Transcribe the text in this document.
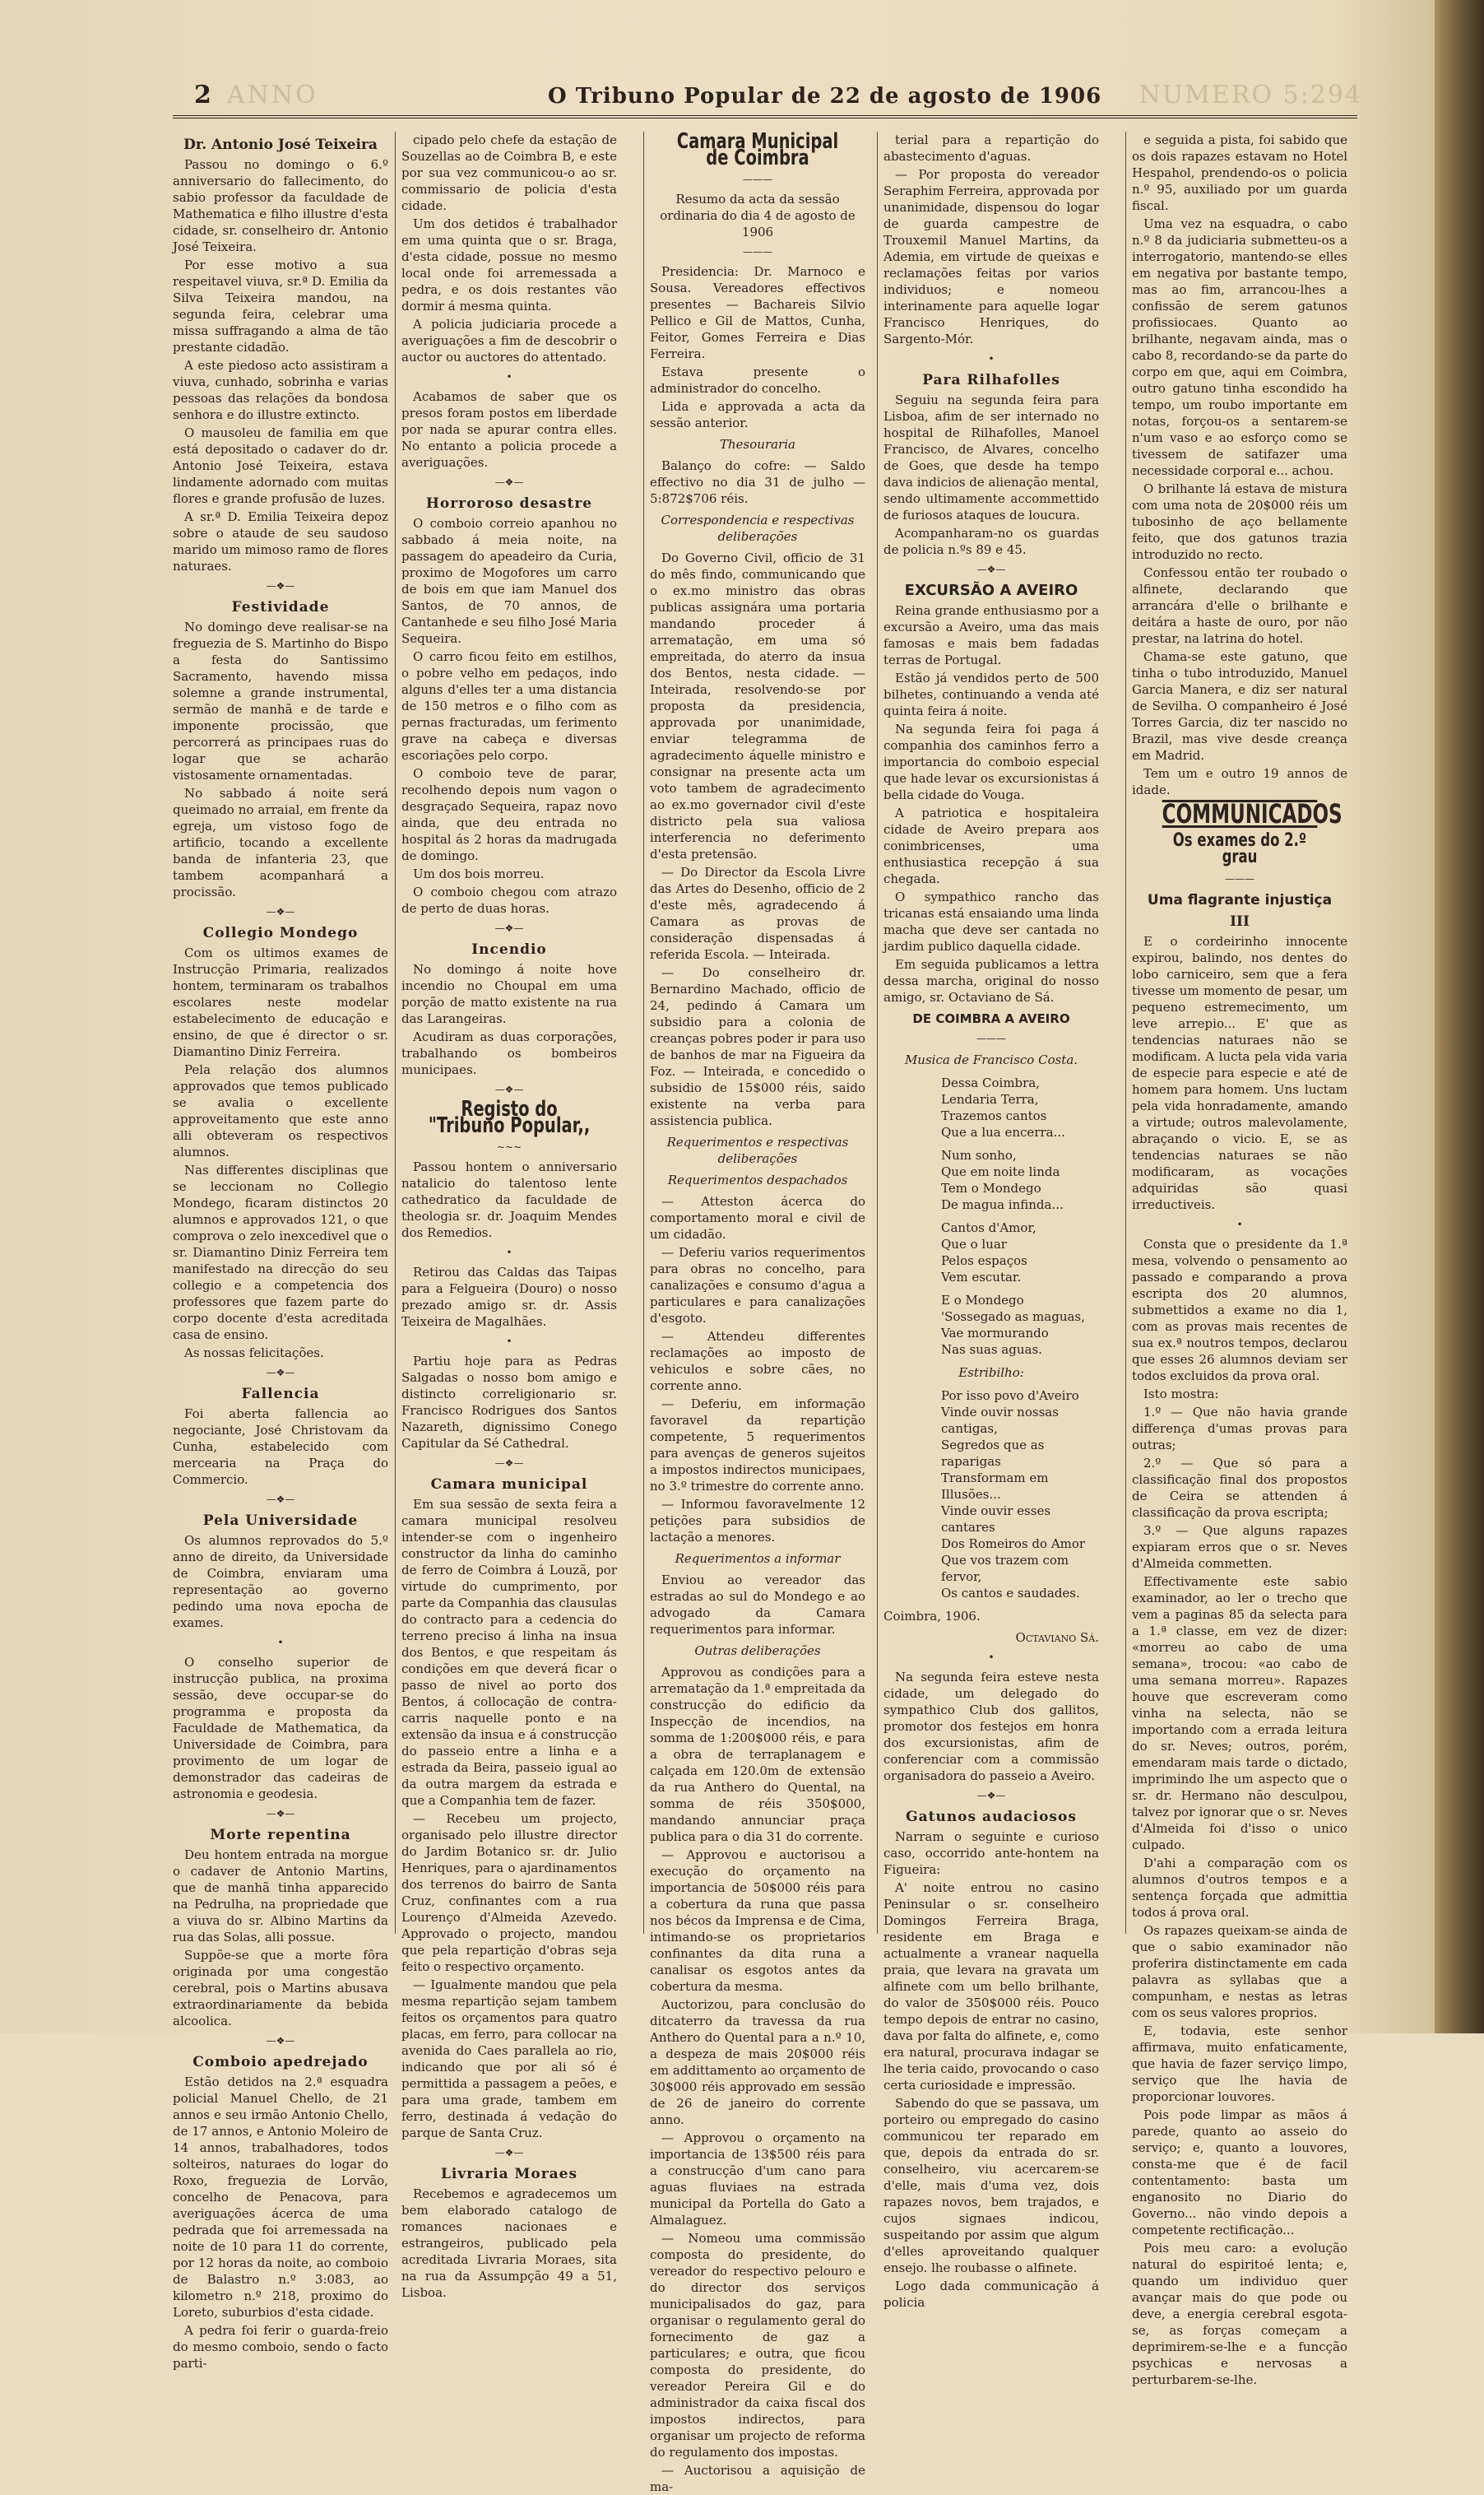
ANNO
2	O Tribuno Popular de 22 de agosto de 1906 NUMERO 5:294
Dr. Antonio José Teixeira

Passou no domingo o 6.º anniversario do fallecimento, do sabio professor da faculdade de Mathematica e filho illustre d'esta cidade, sr. conselheiro dr. Antonio José Teixeira.

Por esse motivo a sua respeitavel viuva, sr.ª D. Emilia da Silva Teixeira mandou, na segunda feira, celebrar uma missa suffragando a alma de tão prestante cidadão.

A este piedoso acto assistiram a viuva, cunhado, sobrinha e varias pessoas das relações da bondosa senhora e do illustre extincto.

O mausoleu de familia em que está depositado o cadaver do dr. Antonio José Teixeira, estava lindamente adornado com muitas flores e grande profusão de luzes.

A sr.ª D. Emilia Teixeira depoz sobre o ataude de seu saudoso marido um mimoso ramo de flores naturaes.

—❖—
Festividade

No domingo deve realisar-se na freguezia de S. Martinho do Bispo a festa do Santissimo Sacramento, havendo missa solemne a grande instrumental, sermão de manhã e de tarde e imponente procissão, que percorrerá as principaes ruas do logar que se acharão vistosamente ornamentadas.

No sabbado á noite será queimado no arraial, em frente da egreja, um vistoso fogo de artificio, tocando a excellente banda de infanteria 23, que tambem acompanhará a procissão.

—❖—
Collegio Mondego

Com os ultimos exames de Instrucção Primaria, realizados hontem, terminaram os trabalhos escolares neste modelar estabelecimento de educação e ensino, de que é director o sr. Diamantino Diniz Ferreira.

Pela relação dos alumnos approvados que temos publicado se avalia o excellente approveitamento que este anno alli obteveram os respectivos alumnos.

Nas differentes disciplinas que se leccionam no Collegio Mondego, ficaram distinctos 20 alumnos e approvados 121, o que comprova o zelo inexcedivel que o sr. Diamantino Diniz Ferreira tem manifestado na direcção do seu collegio e a competencia dos professores que fazem parte do corpo docente d'esta acreditada casa de ensino.

As nossas felicitações.

—❖—
Fallencia

Foi aberta fallencia ao negociante, José Christovam da Cunha, estabelecido com mercearia na Praça do Commercio.

—❖—
Pela Universidade

Os alumnos reprovados do 5.º anno de direito, da Universidade de Coimbra, enviaram uma representação ao governo pedindo uma nova epocha de exames.

•

O conselho superior de instrucção publica, na proxima sessão, deve occupar-se do programma e proposta da Faculdade de Mathematica, da Universidade de Coimbra, para provimento de um logar de demonstrador das cadeiras de astronomia e geodesia.

—❖—
Morte repentina

Deu hontem entrada na morgue o cadaver de Antonio Martins, que de manhã tinha apparecido na Pedrulha, na propriedade que a viuva do sr. Albino Martins da rua das Solas, alli possue.

Suppõe-se que a morte fôra originada por uma congestão cerebral, pois o Martins abusava extraordinariamente da bebida alcoolica.

—❖—
Comboio apedrejado

Estão detidos na 2.ª esquadra policial Manuel Chello, de 21 annos e seu irmão Antonio Chello, de 17 annos, e Antonio Moleiro de 14 annos, trabalhadores, todos solteiros, naturaes do logar do Roxo, freguezia de Lorvão, concelho de Penacova, para averiguações ácerca de uma pedrada que foi arremessada na noite de 10 para 11 do corrente, por 12 horas da noite, ao comboio de Balastro n.º 3:083, ao kilometro n.º 218, proximo do Loreto, suburbios d'esta cidade.

A pedra foi ferir o guarda-freio do mesmo comboio, sendo o facto parti-

cipado pelo chefe da estação de Souzellas ao de Coimbra B, e este por sua vez communicou-o ao sr. commissario de policia d'esta cidade.

Um dos detidos é trabalhador em uma quinta que o sr. Braga, d'esta cidade, possue no mesmo local onde foi arremessada a pedra, e os dois restantes vão dormir á mesma quinta.

A policia judiciaria procede a averiguações a fim de descobrir o auctor ou auctores do attentado.

•

Acabamos de saber que os presos foram postos em liberdade por nada se apurar contra elles. No entanto a policia procede a averiguações.

—❖—
Horroroso desastre

O comboio correio apanhou no sabbado á meia noite, na passagem do apeadeiro da Curia, proximo de Mogofores um carro de bois em que iam Manuel dos Santos, de 70 annos, de Cantanhede e seu filho José Maria Sequeira.

O carro ficou feito em estilhos, o pobre velho em pedaços, indo alguns d'elles ter a uma distancia de 150 metros e o filho com as pernas fracturadas, um ferimento grave na cabeça e diversas escoriações pelo corpo.

O comboio teve de parar, recolhendo depois num vagon o desgraçado Sequeira, rapaz novo ainda, que deu entrada no hospital ás 2 horas da madrugada de domingo.

Um dos bois morreu.

O comboio chegou com atrazo de perto de duas horas.

—❖—
Incendio

No domingo á noite hove incendio no Choupal em uma porção de matto existente na rua das Larangeiras.

Acudiram as duas corporações, trabalhando os bombeiros municipaes.

—❖—
Registo do "Tribuno Popular,,
~~~

Passou hontem o anniversario natalicio do talentoso lente cathedratico da faculdade de theologia sr. dr. Joaquim Mendes dos Remedios.

•

Retirou das Caldas das Taipas para a Felgueira (Douro) o nosso prezado amigo sr. dr. Assis Teixeira de Magalhães.

•

Partiu hoje para as Pedras Salgadas o nosso bom amigo e distincto correligionario sr. Francisco Rodrigues dos Santos Nazareth, dignissimo Conego Capitular da Sé Cathedral.

—❖—
Camara municipal

Em sua sessão de sexta feira a camara municipal resolveu intender-se com o ingenheiro constructor da linha do caminho de ferro de Coimbra á Louzã, por virtude do cumprimento, por parte da Companhia das clausulas do contracto para a cedencia do terreno preciso á linha na insua dos Bentos, e que respeitam ás condições em que deverá ficar o passo de nivel ao porto dos Bentos, á collocação de contra-carris naquelle ponto e na extensão da insua e á construcção do passeio entre a linha e a estrada da Beira, passeio igual ao da outra margem da estrada e que a Companhia tem de fazer.

— Recebeu um projecto, organisado pelo illustre director do Jardim Botanico sr. dr. Julio Henriques, para o ajardinamentos dos terrenos do bairro de Santa Cruz, confinantes com a rua Lourenço d'Almeida Azevedo. Approvado o projecto, mandou que pela repartição d'obras seja feito o respectivo orçamento.

— Igualmente mandou que pela mesma repartição sejam tambem feitos os orçamentos para quatro placas, em ferro, para collocar na avenida do Caes parallela ao rio, indicando que por ali só é permittida a passagem a peões, e para uma grade, tambem em ferro, destinada á vedação do parque de Santa Cruz.

—❖—
Livraria Moraes

Recebemos e agradecemos um bem elaborado catalogo de romances nacionaes e estrangeiros, publicado pela acreditada Livraria Moraes, sita na rua da Assumpção 49 a 51, Lisboa.

Camara Municipal de Coimbra
———

Resumo da acta da sessão ordinaria do dia 4 de agosto de 1906

———

Presidencia: Dr. Marnoco e Sousa. Vereadores effectivos presentes — Bachareis Silvio Pellico e Gil de Mattos, Cunha, Feitor, Gomes Ferreira e Dias Ferreira.

Estava presente o administrador do concelho.

Lida e approvada a acta da sessão anterior.

Thesouraria

Balanço do cofre: — Saldo effectivo no dia 31 de julho — 5:872$706 réis.

Correspondencia e respectivas deliberações

Do Governo Civil, officio de 31 do mês findo, communicando que o ex.mo ministro das obras publicas assignára uma portaria mandando proceder á arrematação, em uma só empreitada, do aterro da insua dos Bentos, nesta cidade. — Inteirada, resolvendo-se por proposta da presidencia, approvada por unanimidade, enviar telegramma de agradecimento áquelle ministro e consignar na presente acta um voto tambem de agradecimento ao ex.mo governador civil d'este districto pela sua valiosa interferencia no deferimento d'esta pretensão.

— Do Director da Escola Livre das Artes do Desenho, officio de 2 d'este mês, agradecendo á Camara as provas de consideração dispensadas á referida Escola. — Inteirada.

— Do conselheiro dr. Bernardino Machado, officio de 24, pedindo á Camara um subsidio para a colonia de creanças pobres poder ir para uso de banhos de mar na Figueira da Foz. — Inteirada, e concedido o subsidio de 15$000 réis, saido existente na verba para assistencia publica.

Requerimentos e respectivas deliberações
Requerimentos despachados

— Atteston ácerca do comportamento moral e civil de um cidadão.

— Deferiu varios requerimentos para obras no concelho, para canalizações e consumo d'agua a particulares e para canalizações d'esgoto.

— Attendeu differentes reclamações ao imposto de vehiculos e sobre cães, no corrente anno.

— Deferiu, em informação favoravel da repartição competente, 5 requerimentos para avenças de generos sujeitos a impostos indirectos municipaes, no 3.º trimestre do corrente anno.

— Informou favoravelmente 12 petições para subsidios de lactação a menores.

Requerimentos a informar

Enviou ao vereador das estradas ao sul do Mondego e ao advogado da Camara requerimentos para informar.

Outras deliberações

Approvou as condições para a arrematação da 1.ª empreitada da construcção do edificio da Inspecção de incendios, na somma de 1:200$000 réis, e para a obra de terraplanagem e calçada em 120.0m de extensão da rua Anthero do Quental, na somma de réis 350$000, mandando annunciar praça publica para o dia 31 do corrente.

— Approvou e auctorisou a execução do orçamento na importancia de 50$000 réis para a cobertura da runa que passa nos bécos da Imprensa e de Cima, intimando-se os proprietarios confinantes da dita runa a canalisar os esgotos antes da cobertura da mesma.

Auctorizou, para conclusão do ditcaterro da travessa da rua Anthero do Quental para a n.º 10, a despeza de mais 20$000 réis em addittamento ao orçamento de 30$000 réis approvado em sessão de 26 de janeiro do corrente anno.

— Approvou o orçamento na importancia de 13$500 réis para a construcção d'um cano para aguas fluviaes na estrada municipal da Portella do Gato a Almalaguez.

— Nomeou uma commissão composta do presidente, do vereador do respectivo pelouro e do director dos serviços municipalisados do gaz, para organisar o regulamento geral do fornecimento de gaz a particulares; e outra, que ficou composta do presidente, do vereador Pereira Gil e do administrador da caixa fiscal dos impostos indirectos, para organisar um projecto de reforma do regulamento dos impostas.

— Auctorisou a aquisição de ma-

terial para a repartição do abastecimento d'aguas.

— Por proposta do vereador Seraphim Ferreira, approvada por unanimidade, dispensou do logar de guarda campestre de Trouxemil Manuel Martins, da Ademia, em virtude de queixas e reclamações feitas por varios individuos; e nomeou interinamente para aquelle logar Francisco Henriques, do Sargento-Mór.

•
Para Rilhafolles

Seguiu na segunda feira para Lisboa, afim de ser internado no hospital de Rilhafolles, Manoel Francisco, de Alvares, concelho de Goes, que desde ha tempo dava indicios de alienação mental, sendo ultimamente accommettido de furiosos ataques de loucura.

Acompanharam-no os guardas de policia n.ºs 89 e 45.

—❖—
EXCURSÃO A AVEIRO

Reina grande enthusiasmo por a excursão a Aveiro, uma das mais famosas e mais bem fadadas terras de Portugal.

Estão já vendidos perto de 500 bilhetes, continuando a venda até quinta feira á noite.

Na segunda feira foi paga á companhia dos caminhos ferro a importancia do comboio especial que hade levar os excursionistas á bella cidade do Vouga.

A patriotica e hospitaleira cidade de Aveiro prepara aos conimbricenses, uma enthusiastica recepção á sua chegada.

O sympathico rancho das tricanas está ensaiando uma linda macha que deve ser cantada no jardim publico daquella cidade.

Em seguida publicamos a lettra dessa marcha, original do nosso amigo, sr. Octaviano de Sá.

DE COIMBRA A AVEIRO
———
Musica de Francisco Costa.

Dessa Coimbra,

Lendaria Terra,

Trazemos cantos

Que a lua encerra...

Num sonho,

Que em noite linda

Tem o Mondego

De magua infinda...

Cantos d'Amor,

Que o luar

Pelos espaços

Vem escutar.

E o Mondego

'Sossegado as maguas,

Vae mormurando

Nas suas aguas.

Estribilho:

Por isso povo d'Aveiro

Vinde ouvir nossas cantigas,

Segredos que as raparigas

Transformam em Illusões...

Vinde ouvir esses cantares

Dos Romeiros do Amor

Que vos trazem com fervor,

Os cantos e saudades.

Coimbra, 1906.

Octaviano Sá.

•

Na segunda feira esteve nesta cidade, um delegado do sympathico Club dos gallitos, promotor dos festejos em honra dos excursionistas, afim de conferenciar com a commissão organisadora do passeio a Aveiro.

—❖—
Gatunos audaciosos

Narram o seguinte e curioso caso, occorrido ante-hontem na Figueira:

A' noite entrou no casino Peninsular o sr. conselheiro Domingos Ferreira Braga, residente em Braga e actualmente a vranear naquella praia, que levara na gravata um alfinete com um bello brilhante, do valor de 350$000 réis. Pouco tempo depois de entrar no casino, dava por falta do alfinete, e, como era natural, procurava indagar se lhe teria caido, provocando o caso certa curiosidade e impressão.

Sabendo do que se passava, um porteiro ou empregado do casino communicou ter reparado em que, depois da entrada do sr. conselheiro, viu acercarem-se d'elle, mais d'uma vez, dois rapazes novos, bem trajados, e cujos signaes indicou, suspeitando por assim que algum d'elles aproveitando qualquer ensejo. lhe roubasse o alfinete.

Logo dada communicação á policia

e seguida a pista, foi sabido que os dois rapazes estavam no Hotel Hespahol, prendendo-os o policia n.º 95, auxiliado por um guarda fiscal.

Uma vez na esquadra, o cabo n.º 8 da judiciaria submetteu-os a interrogatorio, mantendo-se elles em negativa por bastante tempo, mas ao fim, arrancou-lhes a confissão de serem gatunos profissiocaes. Quanto ao brilhante, negavam ainda, mas o cabo 8, recordando-se da parte do corpo em que, aqui em Coimbra, outro gatuno tinha escondido ha tempo, um roubo importante em notas, forçou-os a sentarem-se n'um vaso e ao esforço como se tivessem de satifazer uma necessidade corporal e... achou.

O brilhante lá estava de mistura com uma nota de 20$000 réis um tubosinho de aço bellamente feito, que dos gatunos trazia introduzido no recto.

Confessou então ter roubado o alfinete, declarando que arrancára d'elle o brilhante e deitára a haste de ouro, por não prestar, na latrina do hotel.

Chama-se este gatuno, que tinha o tubo introduzido, Manuel Garcia Manera, e diz ser natural de Sevilha. O companheiro é José Torres Garcia, diz ter nascido no Brazil, mas vive desde creança em Madrid.

Tem um e outro 19 annos de idade.

COMMUNICADOS
Os exames do 2.º grau
———
Uma flagrante injustiça
III

E o cordeirinho innocente expirou, balindo, nos dentes do lobo carniceiro, sem que a fera tivesse um momento de pesar, um pequeno estremecimento, um leve arrepio... E' que as tendencias naturaes não se modificam. A lucta pela vida varia de especie para especie e até de homem para homem. Uns luctam pela vida honradamente, amando a virtude; outros malevolamente, abraçando o vicio. E, se as tendencias naturaes se não modificaram, as vocações adquiridas são quasi irreductiveis.

•

Consta que o presidente da 1.ª mesa, volvendo o pensamento ao passado e comparando a prova escripta dos 20 alumnos, submettidos a exame no dia 1, com as provas mais recentes de sua ex.ª noutros tempos, declarou que esses 26 alumnos deviam ser todos excluidos da prova oral.

Isto mostra:

1.º — Que não havia grande differença d'umas provas para outras;

2.º — Que só para a classificação final dos propostos de Ceira se attenden á classificação da prova escripta;

3.º — Que alguns rapazes expiaram erros que o sr. Neves d'Almeida commetten.

Effectivamente este sabio examinador, ao ler o trecho que vem a paginas 85 da selecta para a 1.ª classe, em vez de dizer: «morreu ao cabo de uma semana», trocou: «ao cabo de uma semana morreu». Rapazes houve que escreveram como vinha na selecta, não se importando com a errada leitura do sr. Neves; outros, porém, emendaram mais tarde o dictado, imprimindo lhe um aspecto que o sr. dr. Hermano não desculpou, talvez por ignorar que o sr. Neves d'Almeida foi d'isso o unico culpado.

D'ahi a comparação com os alumnos d'outros tempos e a sentença forçada que admittia todos á prova oral.

Os rapazes queixam-se ainda de que o sabio examinador não proferira distinctamente em cada palavra as syllabas que a compunham, e nestas as letras com os seus valores proprios.

E, todavia, este senhor affirmava, muito enfaticamente, que havia de fazer serviço limpo, serviço que lhe havia de proporcionar louvores.

Pois pode limpar as mãos á parede, quanto ao asseio do serviço; e, quanto a louvores, consta-me que é de facil contentamento: basta um enganosito no Diario do Governo... não vindo depois a competente rectificação...

Pois meu caro: a evolução natural do espiritoé lenta; e, quando um individuo quer avançar mais do que pode ou deve, a energia cerebral esgota-se, as forças começam a deprimirem-se-lhe e a funcção psychicas e nervosas a perturbarem-se-lhe.
